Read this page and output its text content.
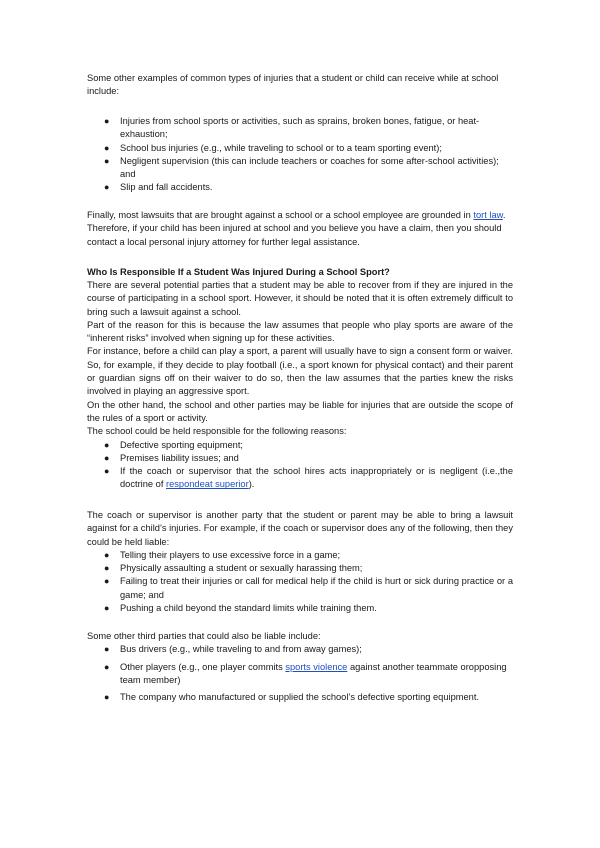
Some other examples of common types of injuries that a student or child can receive while at school include:

● Injuries from school sports or activities, such as sprains, broken bones, fatigue, or heat-exhaustion;
● School bus injuries (e.g., while traveling to school or to a team sporting event);
● Negligent supervision (this can include teachers or coaches for some after-school activities); and
● Slip and fall accidents.

Finally, most lawsuits that are brought against a school or a school employee are grounded in tort law. Therefore, if your child has been injured at school and you believe you have a claim, then you should contact a local personal injury attorney for further legal assistance.

Who Is Responsible If a Student Was Injured During a School Sport?

There are several potential parties that a student may be able to recover from if they are injured in the course of participating in a school sport. However, it should be noted that it is often extremely difficult to bring such a lawsuit against a school.

Part of the reason for this is because the law assumes that people who play sports are aware of the “inherent risks” involved when signing up for these activities.

For instance, before a child can play a sport, a parent will usually have to sign a consent form or waiver. So, for example, if they decide to play football (i.e., a sport known for physical contact) and their parent or guardian signs off on their waiver to do so, then the law assumes that the parties knew the risks involved in playing an aggressive sport.

On the other hand, the school and other parties may be liable for injuries that are outside the scope of the rules of a sport or activity.

The school could be held responsible for the following reasons:

● Defective sporting equipment;
● Premises liability issues; and
● If the coach or supervisor that the school hires acts inappropriately or is negligent (i.e.,the doctrine of respondeat superior).

The coach or supervisor is another party that the student or parent may be able to bring a lawsuit against for a child’s injuries. For example, if the coach or supervisor does any of the following, then they could be held liable:

● Telling their players to use excessive force in a game;
● Physically assaulting a student or sexually harassing them;
● Failing to treat their injuries or call for medical help if the child is hurt or sick during practice or a game; and
● Pushing a child beyond the standard limits while training them.

Some other third parties that could also be liable include:

● Bus drivers (e.g., while traveling to and from away games);
● Other players (e.g., one player commits sports violence against another teammate oropposing team member)
● The company who manufactured or supplied the school’s defective sporting equipment.
